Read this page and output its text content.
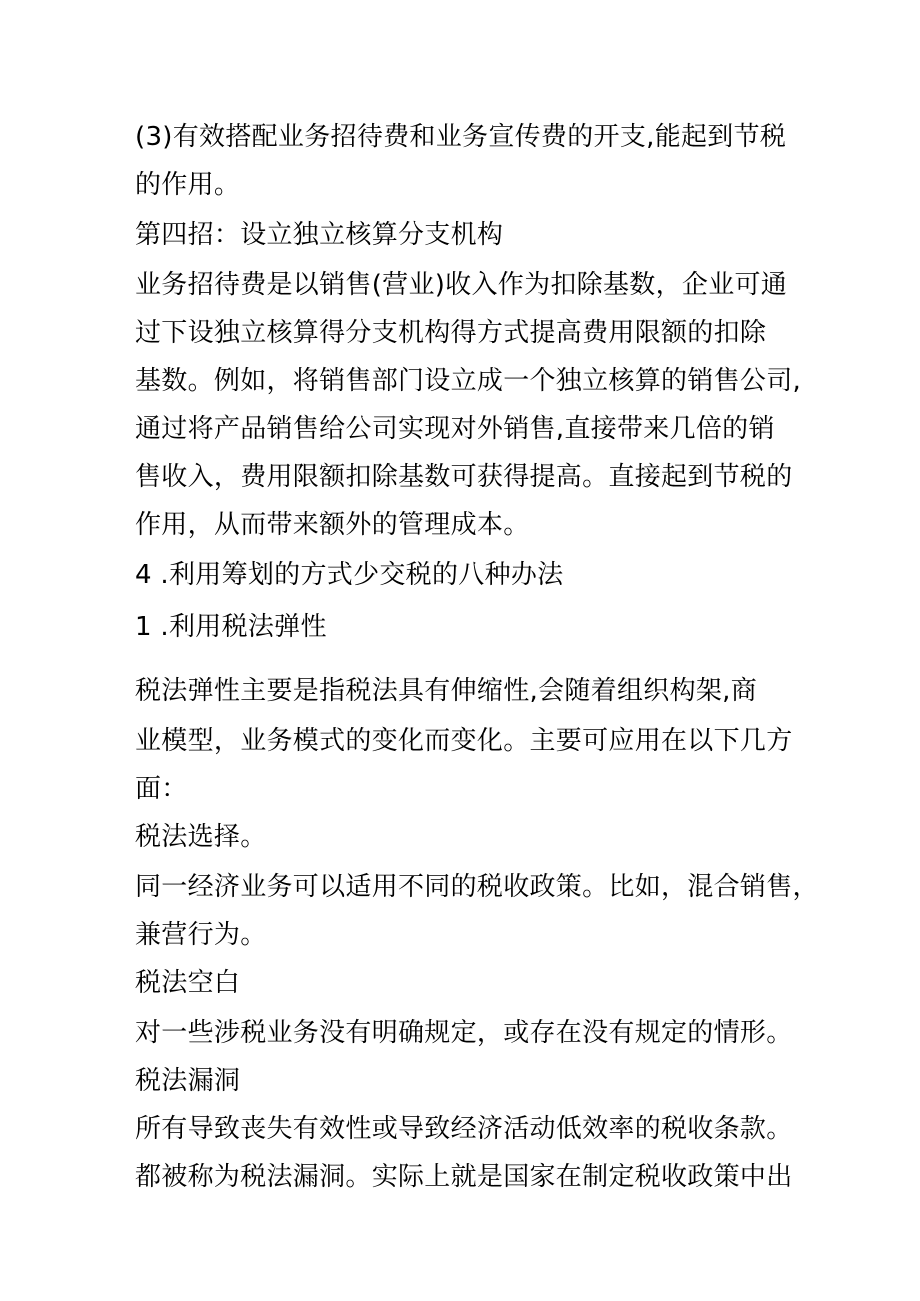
(3)有效搭配业务招待费和业务宣传费的开支,能起到节税
的作用。
第四招：设立独立核算分支机构
业务招待费是以销售(营业)收入作为扣除基数，企业可通
过下设独立核算得分支机构得方式提高费用限额的扣除
基数。例如，将销售部门设立成一个独立核算的销售公司,
通过将产品销售给公司实现对外销售,直接带来几倍的销
售收入，费用限额扣除基数可获得提高。直接起到节税的
作用，从而带来额外的管理成本。
4 .利用筹划的方式少交税的八种办法
1 .利用税法弹性
税法弹性主要是指税法具有伸缩性,会随着组织构架,商
业模型，业务模式的变化而变化。主要可应用在以下几方
面：
税法选择。
同一经济业务可以适用不同的税收政策。比如，混合销售，
兼营行为。
税法空白
对一些涉税业务没有明确规定，或存在没有规定的情形。
税法漏洞
所有导致丧失有效性或导致经济活动低效率的税收条款。
都被称为税法漏洞。实际上就是国家在制定税收政策中出
